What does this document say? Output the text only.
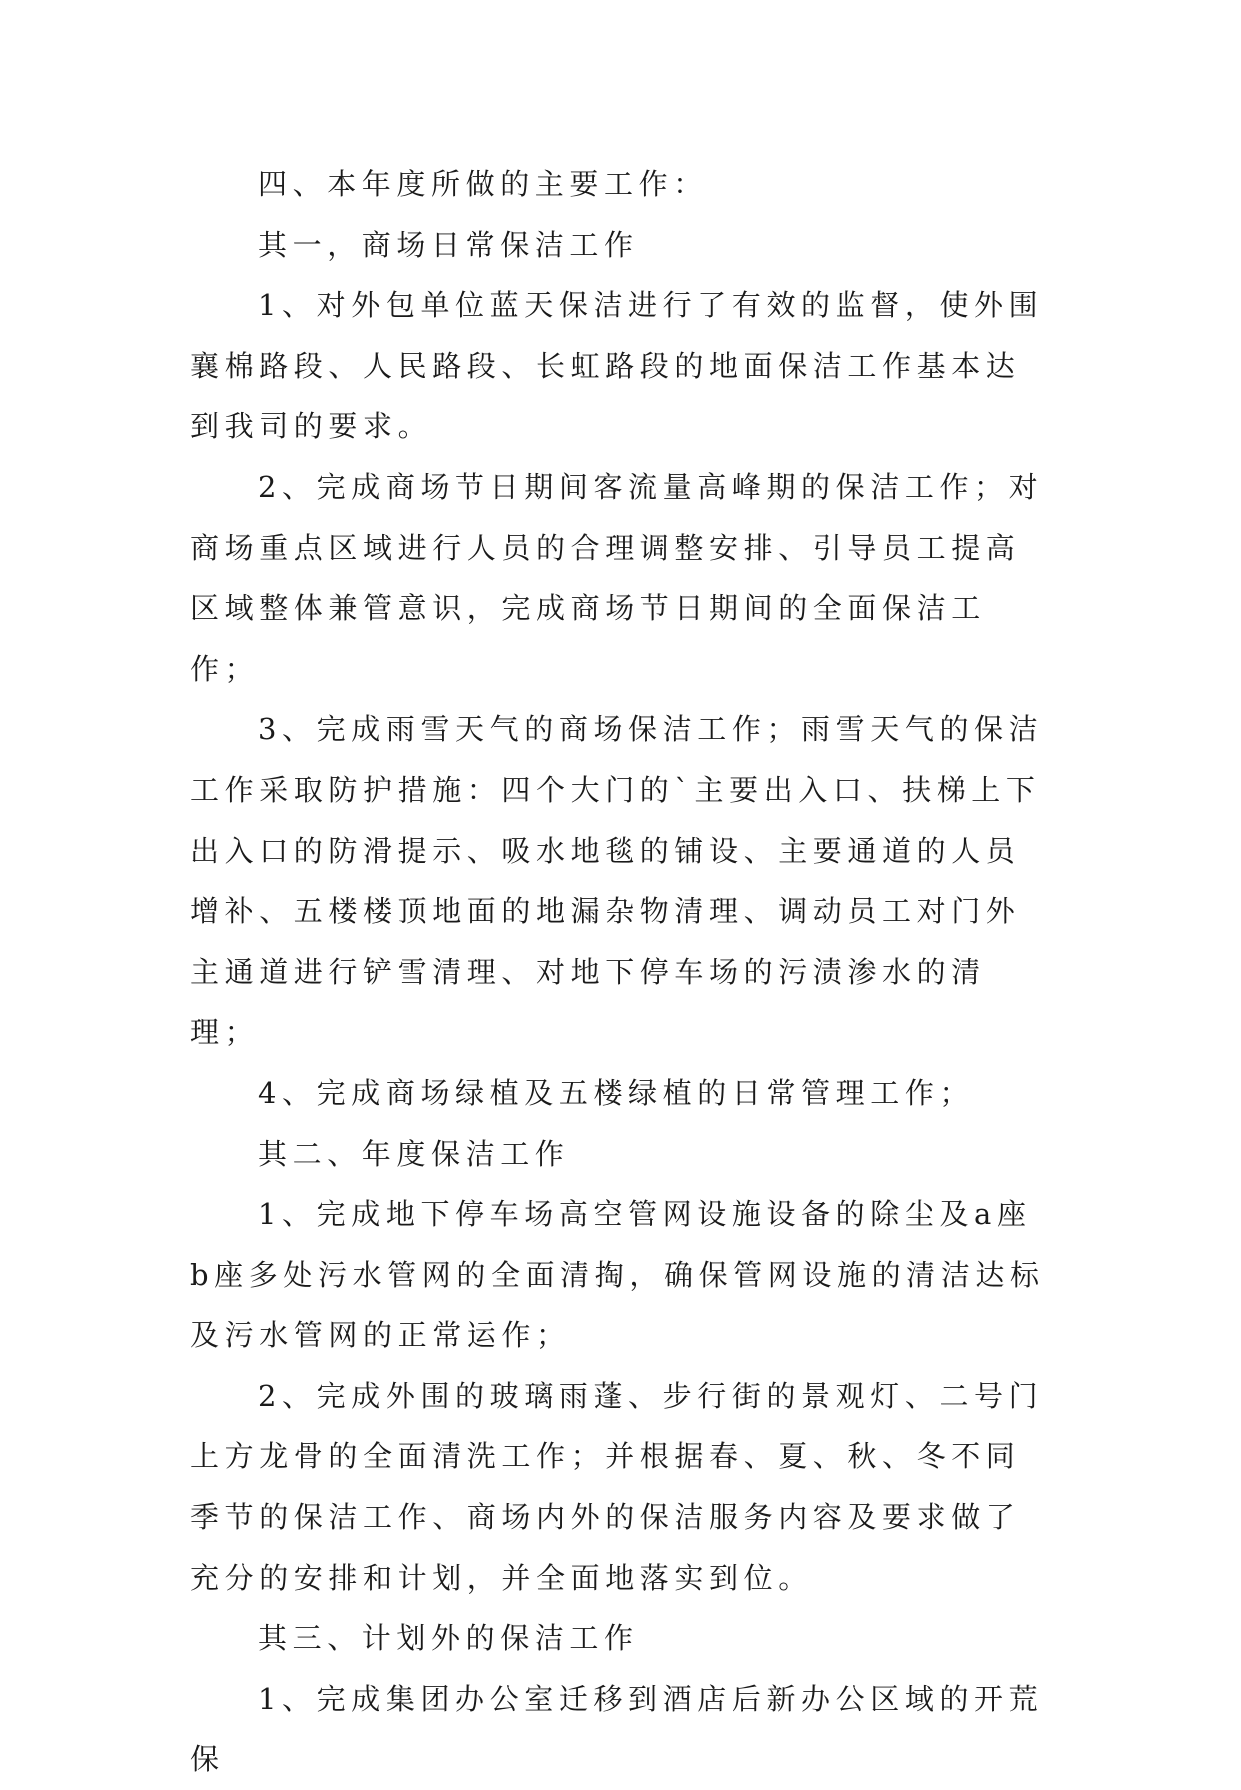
四、本年度所做的主要工作：

其一，商场日常保洁工作

1、对外包单位蓝天保洁进行了有效的监督，使外围襄棉路段、人民路段、长虹路段的地面保洁工作基本达到我司的要求。

2、完成商场节日期间客流量高峰期的保洁工作；对商场重点区域进行人员的合理调整安排、引导员工提高区域整体兼管意识，完成商场节日期间的全面保洁工作；

3、完成雨雪天气的商场保洁工作；雨雪天气的保洁工作采取防护措施：四个大门的`主要出入口、扶梯上下出入口的防滑提示、吸水地毯的铺设、主要通道的人员增补、五楼楼顶地面的地漏杂物清理、调动员工对门外主通道进行铲雪清理、对地下停车场的污渍渗水的清理；

4、完成商场绿植及五楼绿植的日常管理工作；

其二、年度保洁工作

1、完成地下停车场高空管网设施设备的除尘及a座b座多处污水管网的全面清掏，确保管网设施的清洁达标及污水管网的正常运作；

2、完成外围的玻璃雨蓬、步行街的景观灯、二号门上方龙骨的全面清洗工作；并根据春、夏、秋、冬不同季节的保洁工作、商场内外的保洁服务内容及要求做了充分的安排和计划，并全面地落实到位。

其三、计划外的保洁工作

1、完成集团办公室迁移到酒店后新办公区域的开荒保
